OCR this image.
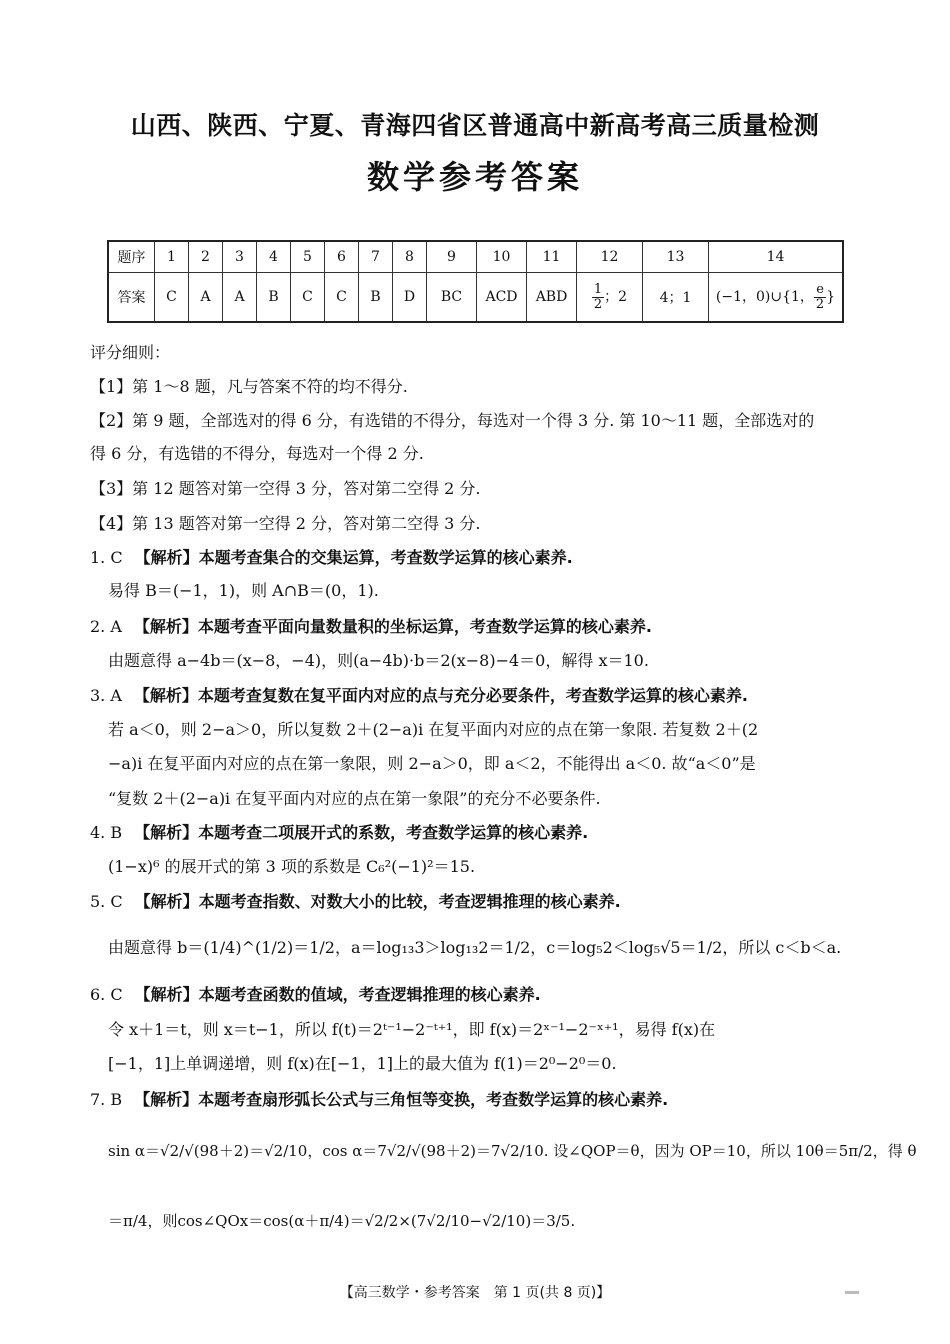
山西、陕西、宁夏、青海四省区普通高中新高考高三质量检测
数学参考答案
题序	1	2	3	4	5	6	7	8	9	10	11	12	13	14
答案	C	A	A	B	C	C	B	D	BC	ACD	ABD	$\frac{1}{2}$ ；2	4；1	(−1，0)∪{1， $\frac{e}{2}$ }
评分细则：
【1】第 1～8 题，凡与答案不符的均不得分.
【2】第 9 题，全部选对的得 6 分，有选错的不得分，每选对一个得 3 分. 第 10～11 题，全部选对的
得 6 分，有选错的不得分，每选对一个得 2 分.
【3】第 12 题答对第一空得 3 分，答对第二空得 2 分.
【4】第 13 题答对第一空得 2 分，答对第二空得 3 分.
1. C 【解析】本题考查集合的交集运算，考查数学运算的核心素养.
易得 B＝(−1，1)，则 A∩B＝(0，1).
2. A 【解析】本题考查平面向量数量积的坐标运算，考查数学运算的核心素养.
由题意得 a−4b＝(x−8，−4)，则(a−4b)·b＝2(x−8)−4＝0，解得 x＝10.
3. A 【解析】本题考查复数在复平面内对应的点与充分必要条件，考查数学运算的核心素养.
若 a＜0，则 2−a＞0，所以复数 2＋(2−a)i 在复平面内对应的点在第一象限. 若复数 2＋(2
−a)i 在复平面内对应的点在第一象限，则 2−a＞0，即 a＜2，不能得出 a＜0. 故“a＜0”是
“复数 2＋(2−a)i 在复平面内对应的点在第一象限”的充分不必要条件.
4. B 【解析】本题考查二项展开式的系数，考查数学运算的核心素养.
(1−x)⁶ 的展开式的第 3 项的系数是 C₆²(−1)²＝15.
5. C 【解析】本题考查指数、对数大小的比较，考查逻辑推理的核心素养.
由题意得 b＝(1/4)^(1/2)＝1/2，a＝log₁₃3＞log₁₃2＝1/2，c＝log₅2＜log₅√5＝1/2，所以 c＜b＜a.
6. C 【解析】本题考查函数的值域，考查逻辑推理的核心素养.
令 x＋1＝t，则 x＝t−1，所以 f(t)＝2ᵗ⁻¹−2⁻ᵗ⁺¹，即 f(x)＝2ˣ⁻¹−2⁻ˣ⁺¹，易得 f(x)在
[−1，1]上单调递增，则 f(x)在[−1，1]上的最大值为 f(1)＝2⁰−2⁰＝0.
7. B 【解析】本题考查扇形弧长公式与三角恒等变换，考查数学运算的核心素养.
sin α＝√2/√(98＋2)＝√2/10，cos α＝7√2/√(98＋2)＝7√2/10. 设∠QOP＝θ，因为 OP＝10，所以 10θ＝5π/2，得 θ
＝π/4，则cos∠QOx＝cos(α＋π/4)＝√2/2×(7√2/10−√2/10)＝3/5.
【高三数学・参考答案　第 1 页(共 8 页)】
